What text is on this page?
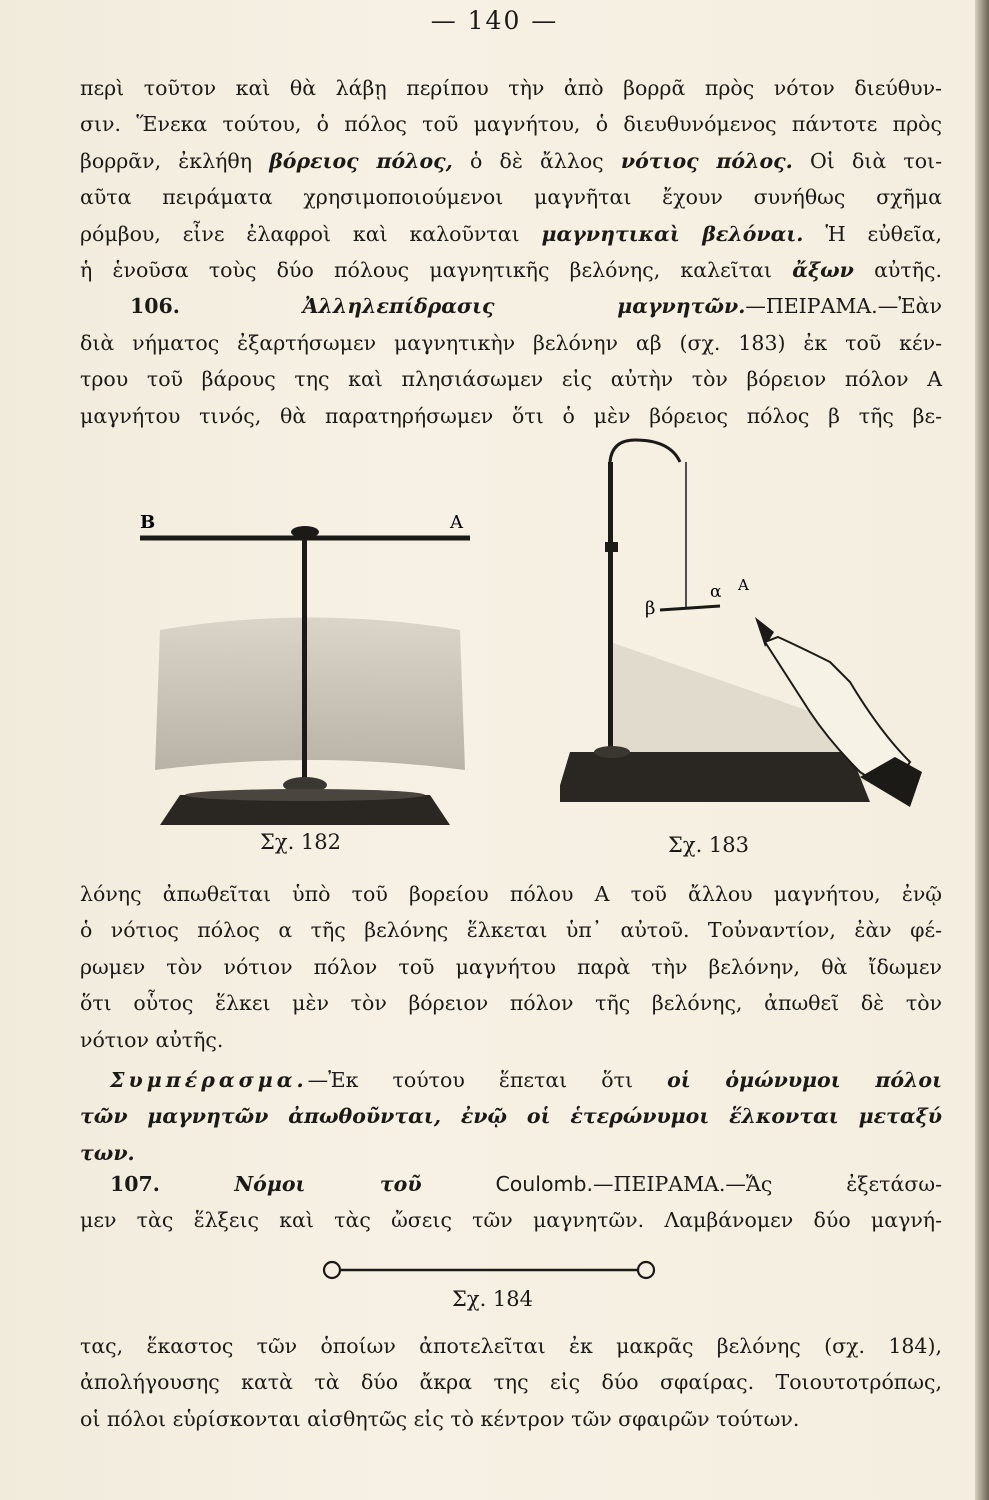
— 140 —
περὶ τοῦτον καὶ θὰ λάβῃ περίπου τὴν ἀπὸ βορρᾶ πρὸς νότον διεύθυν-
σιν. Ἕνεκα τούτου, ὁ πόλος τοῦ μαγνήτου, ὁ διευθυνόμενος πάντοτε πρὸς
βορρᾶν, ἐκλήθη βόρειος πόλος, ὁ δὲ ἄλλος νότιος πόλος. Οἱ διὰ τοι-
αῦτα πειράματα χρησιμοποιούμενοι μαγνῆται ἔχουν συνήθως σχῆμα
ρόμβου, εἶνε ἐλαφροὶ καὶ καλοῦνται μαγνητικαὶ βελόναι. Ἡ εὐθεῖα,
ἡ ἑνοῦσα τοὺς δύο πόλους μαγνητικῆς βελόνης, καλεῖται ἄξων αὐτῆς.
106. Ἀλληλεπίδρασις μαγνητῶν.—ΠΕΙΡΑΜΑ.—Ἐὰν
διὰ νήματος ἐξαρτήσωμεν μαγνητικὴν βελόνην αβ (σχ. 183) ἐκ τοῦ κέν-
τρου τοῦ βάρους της καὶ πλησιάσωμεν εἰς αὐτὴν τὸν βόρειον πόλον Α
μαγνήτου τινός, θὰ παρατηρήσωμεν ὅτι ὁ μὲν βόρειος πόλος β τῆς βε-
Β	Α
Σχ. 182
β
α Α
Σχ. 183
λόνης ἀπωθεῖται ὑπὸ τοῦ βορείου πόλου Α τοῦ ἄλλου μαγνήτου, ἐνῷ
ὁ νότιος πόλος α τῆς βελόνης ἕλκεται ὑπ᾽ αὐτοῦ. Τοὐναντίον, ἐὰν φέ-
ρωμεν τὸν νότιον πόλον τοῦ μαγνήτου παρὰ τὴν βελόνην, θὰ ἴδωμεν
ὅτι οὗτος ἕλκει μὲν τὸν βόρειον πόλον τῆς βελόνης, ἀπωθεῖ δὲ τὸν
νότιον αὐτῆς.
Συμπέρασμα.—Ἐκ τούτου ἕπεται ὅτι οἱ ὁμώνυμοι πόλοι
τῶν μαγνητῶν ἀπωθοῦνται, ἐνῷ οἱ ἑτερώνυμοι ἕλκονται μεταξύ
των.
107. Νόμοι τοῦ Coulomb.—ΠΕΙΡΑΜΑ.—Ἄς ἐξετάσω-
μεν τὰς ἕλξεις καὶ τὰς ὤσεις τῶν μαγνητῶν. Λαμβάνομεν δύο μαγνή-
Σχ. 184
τας, ἕκαστος τῶν ὁποίων ἀποτελεῖται ἐκ μακρᾶς βελόνης (σχ. 184),
ἀπολήγουσης κατὰ τὰ δύο ἄκρα της εἰς δύο σφαίρας. Τοιουτοτρόπως,
οἱ πόλοι εὑρίσκονται αἰσθητῶς εἰς τὸ κέντρον τῶν σφαιρῶν τούτων.
